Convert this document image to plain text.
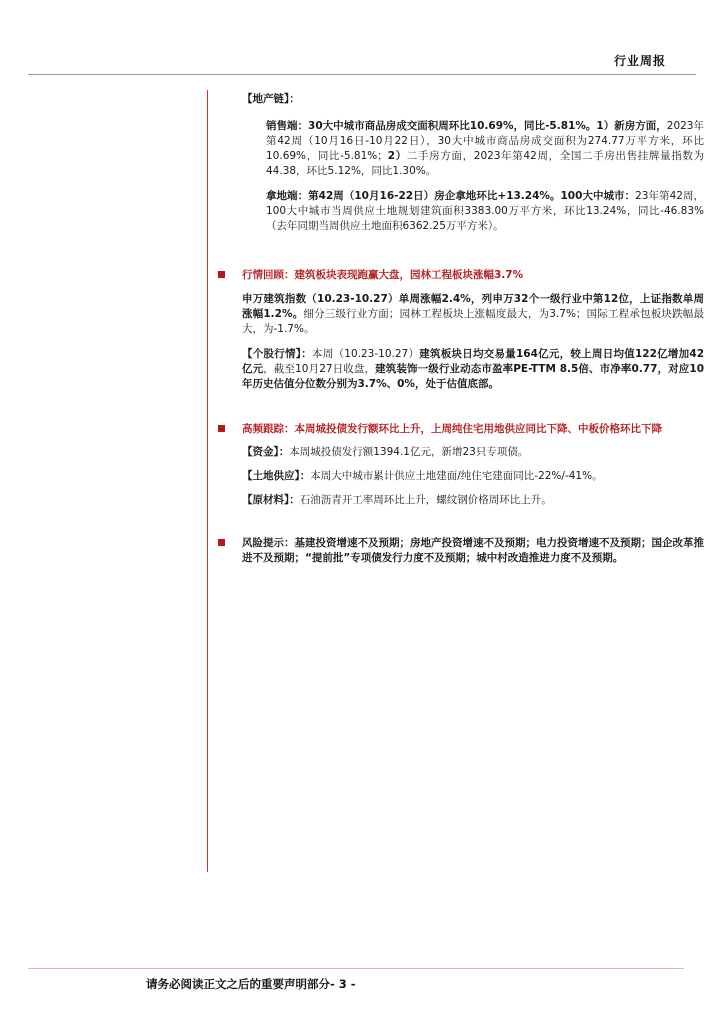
行业周报

【地产链】：

销售端：30大中城市商品房成交面积周环比10.69%，同比-5.81%。1）新房方面，2023年第42周（10月16日-10月22日），30大中城市商品房成交面积为274.77万平方米，环比10.69%，同比-5.81%；2）二手房方面，2023年第42周，全国二手房出售挂牌量指数为44.38，环比5.12%，同比1.30%。

拿地端：第42周（10月16-22日）房企拿地环比+13.24%。100大中城市：23年第42周，100大中城市当周供应土地规划建筑面积3383.00万平方米，环比13.24%，同比-46.83%（去年同期当周供应土地面积6362.25万平方米）。

行情回顾：建筑板块表现跑赢大盘，园林工程板块涨幅3.7%

申万建筑指数（10.23-10.27）单周涨幅2.4%，列申万32个一级行业中第12位，上证指数单周涨幅1.2%。细分三级行业方面；园林工程板块上涨幅度最大，为3.7%；国际工程承包板块跌幅最大，为-1.7%。

【个股行情】：本周（10.23-10.27）建筑板块日均交易量164亿元，较上周日均值122亿增加42亿元，截至10月27日收盘，建筑装饰一级行业动态市盈率PE-TTM 8.5倍、市净率0.77，对应10年历史估值分位数分别为3.7%、0%，处于估值底部。

高频跟踪：本周城投债发行额环比上升，上周纯住宅用地供应同比下降、中板价格环比下降

【资金】：本周城投债发行额1394.1亿元，新增23只专项债。

【土地供应】：本周大中城市累计供应土地建面/纯住宅建面同比-22%/-41%。

【原材料】：石油沥青开工率周环比上升，螺纹钢价格周环比上升。

风险提示：基建投资增速不及预期；房地产投资增速不及预期；电力投资增速不及预期；国企改革推进不及预期；“提前批”专项债发行力度不及预期；城中村改造推进力度不及预期。

请务必阅读正文之后的重要声明部分- 3 -
